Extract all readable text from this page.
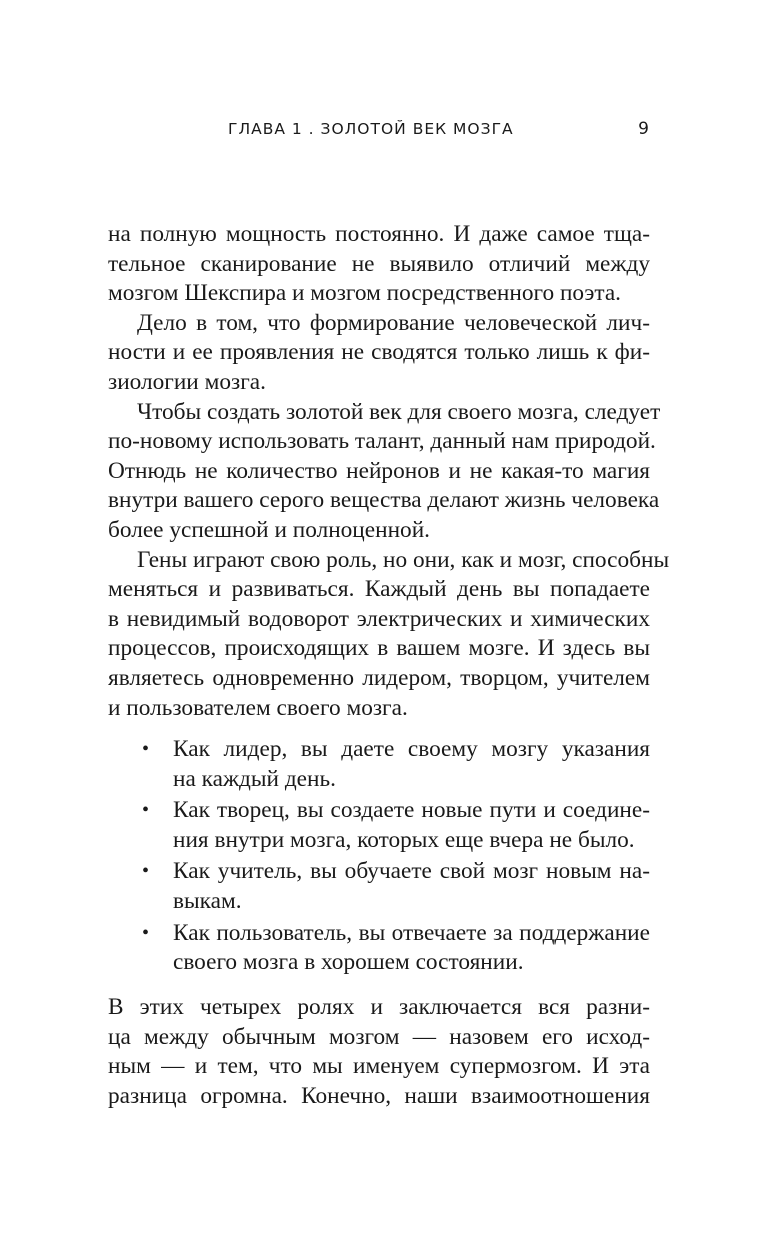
ГЛАВА 1 . ЗОЛОТОЙ ВЕК МОЗГА	9

на полную мощность постоянно. И даже самое тща-
тельное сканирование не выявило отличий между
мозгом Шекспира и мозгом посредственного поэта.

Дело в том, что формирование человеческой лич-
ности и ее проявления не сводятся только лишь к фи-
зиологии мозга.

Чтобы создать золотой век для своего мозга, следует
по-новому использовать талант, данный нам природой.
Отнюдь не количество нейронов и не какая-то магия
внутри вашего серого вещества делают жизнь человека
более успешной и полноценной.

Гены играют свою роль, но они, как и мозг, способны
меняться и развиваться. Каждый день вы попадаете
в невидимый водоворот электрических и химических
процессов, происходящих в вашем мозге. И здесь вы
являетесь одновременно лидером, творцом, учителем
и пользователем своего мозга.

• Как лидер, вы даете своему мозгу указания
на каждый день.
• Как творец, вы создаете новые пути и соедине-
ния внутри мозга, которых еще вчера не было.
• Как учитель, вы обучаете свой мозг новым на-
выкам.
• Как пользователь, вы отвечаете за поддержание
своего мозга в хорошем состоянии.
В этих четырех ролях и заключается вся разни-
ца между обычным мозгом — назовем его исход-
ным — и тем, что мы именуем супермозгом. И эта
разница огромна. Конечно, наши взаимоотношения
